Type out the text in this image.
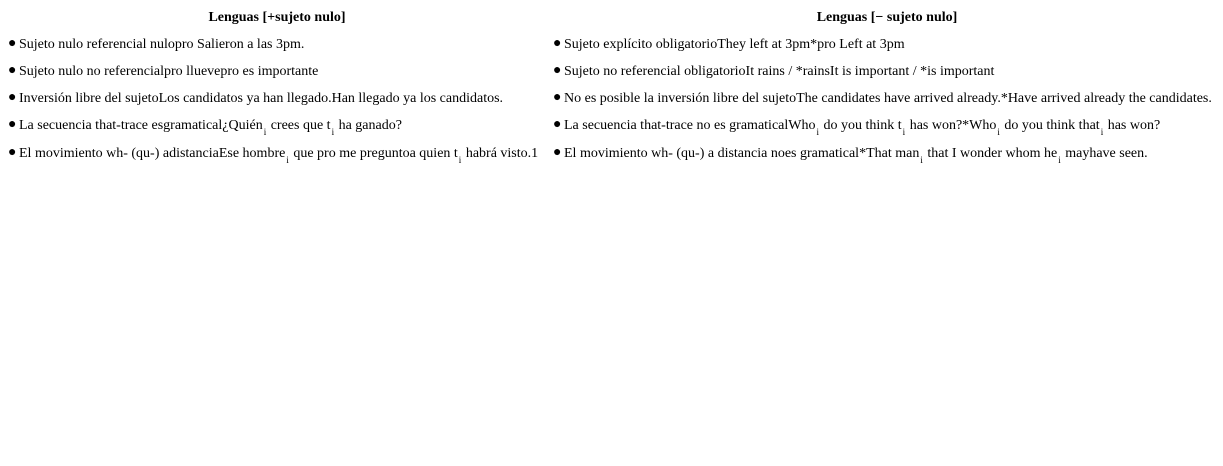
Lenguas [+sujeto nulo]
● Sujeto nulo referencial nulopro Salieron a las 3pm.
● Sujeto nulo no referencialpro lluevepro es importante
● Inversión libre del sujetoLos candidatos ya han llegado.Han llegado ya los candidatos.
● La secuencia that-trace esgramatical¿Quién$_i$ crees que $t_i$ ha ganado?
● El movimiento wh- (qu-) adistanciaEse hombre$_i$ que pro me preguntoa quien $t_i$ habrá visto.1
Lenguas [− sujeto nulo]
● Sujeto explícito obligatorioThey left at 3pm*pro Left at 3pm
● Sujeto no referencial obligatorioIt rains / *rainsIt is important / *is important
● No es posible la inversión libre del sujetoThe candidates have arrived already.*Have arrived already the candidates.
● La secuencia that-trace no es gramaticalWho$_i$ do you think $t_i$ has won?*Who$_i$ do you think that$_i$ has won?
● El movimiento wh- (qu-) a distancia noes gramatical*That man$_i$ that I wonder whom $he_i$ mayhave seen.
